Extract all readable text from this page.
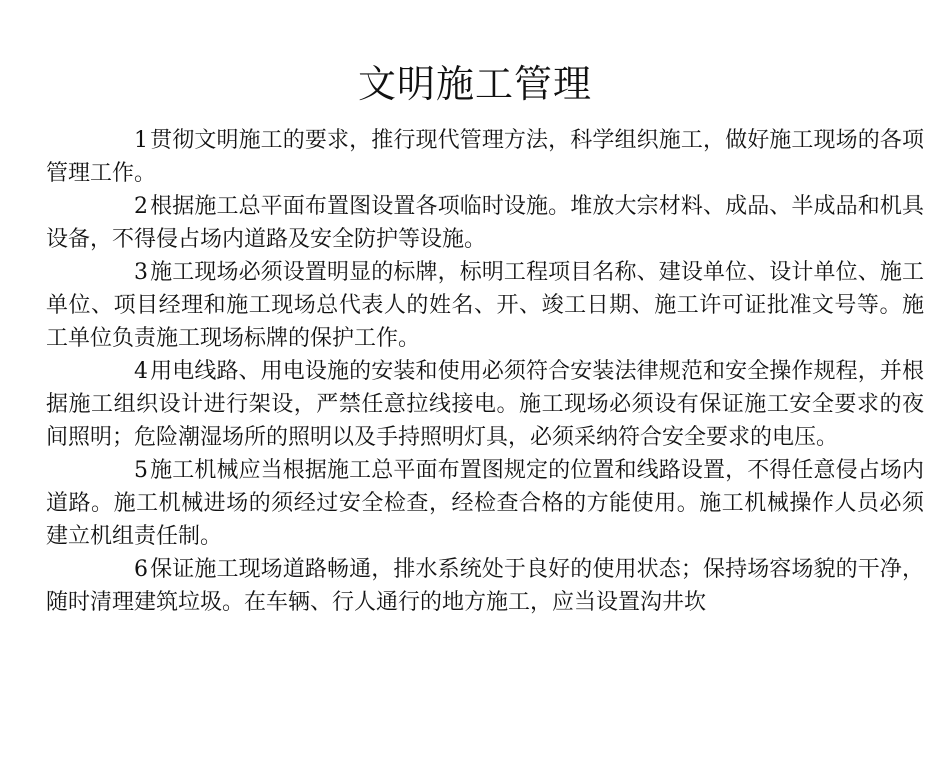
文明施工管理

1贯彻文明施工的要求，推行现代管理方法，科学组织施工，做好施工现场的各项管理工作。

2根据施工总平面布置图设置各项临时设施。堆放大宗材料、成品、半成品和机具设备，不得侵占场内道路及安全防护等设施。

3施工现场必须设置明显的标牌，标明工程项目名称、建设单位、设计单位、施工单位、项目经理和施工现场总代表人的姓名、开、竣工日期、施工许可证批准文号等。施工单位负责施工现场标牌的保护工作。

4用电线路、用电设施的安装和使用必须符合安装法律规范和安全操作规程，并根据施工组织设计进行架设，严禁任意拉线接电。施工现场必须设有保证施工安全要求的夜间照明；危险潮湿场所的照明以及手持照明灯具，必须采纳符合安全要求的电压。

5施工机械应当根据施工总平面布置图规定的位置和线路设置，不得任意侵占场内道路。施工机械进场的须经过安全检查，经检查合格的方能使用。施工机械操作人员必须建立机组责任制。

6保证施工现场道路畅通，排水系统处于良好的使用状态；保持场容场貌的干净，随时清理建筑垃圾。在车辆、行人通行的地方施工，应当设置沟井坎
